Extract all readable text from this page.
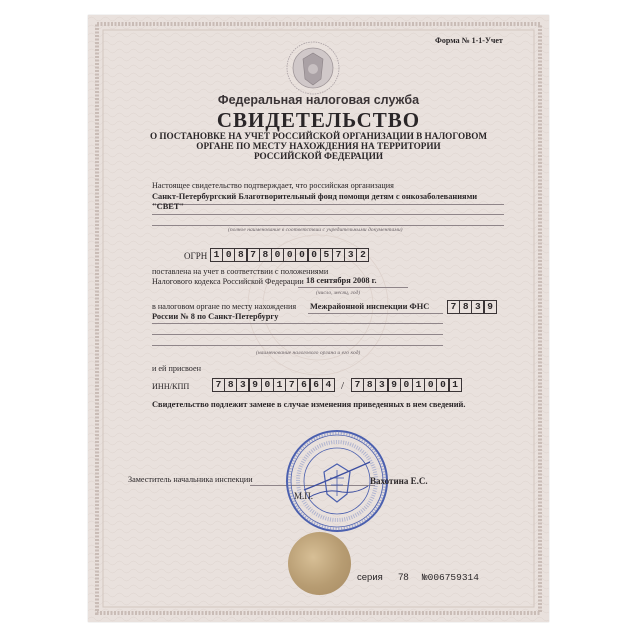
Форма № 1-1-Учет
Федеральная налоговая служба
СВИДЕТЕЛЬСТВО
О ПОСТАНОВКЕ НА УЧЕТ РОССИЙСКОЙ ОРГАНИЗАЦИИ В НАЛОГОВОМ
ОРГАНЕ ПО МЕСТУ НАХОЖДЕНИЯ НА ТЕРРИТОРИИ
РОССИЙСКОЙ ФЕДЕРАЦИИ
Настоящее свидетельство подтверждает, что российская организация
Санкт-Петербургский Благотворительный фонд помощи детям с онкозаболеваниями
"СВЕТ"
(полное наименование в соответствии с учредительными документами)
ОГРН 1 0 8 7 8 0 0 0 0 5 7 3 2
поставлена на учет в соответствии с положениями
Налогового кодекса Российской Федерации 18 сентября 2008 г.
(число, месяц, год)
в налоговом органе по месту нахождения Межрайонной инспекции ФНС	7 8 3 9
России № 8 по Санкт-Петербургу
(наименование налогового органа и его код)
и ей присвоен
ИНН/КПП	7 8 3 9 0 1 7 6 6 4 /	7 8 3 9 0 1 0 0 1
Свидетельство подлежит замене в случае изменения приведенных в нем сведений.
Заместитель начальника инспекции	Вахотина Е.С.
М.П.
серия 78 №006759314
